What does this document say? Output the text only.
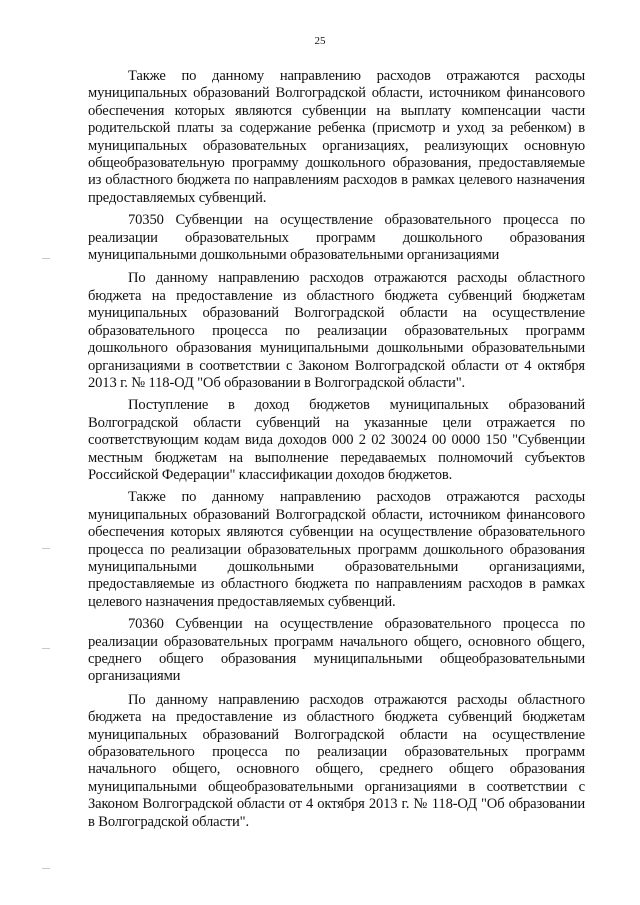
25

Также по данному направлению расходов отражаются расходы муниципальных образований Волгоградской области, источником финансового обеспечения которых являются субвенции на выплату компенсации части родительской платы за содержание ребенка (присмотр и уход за ребенком) в муниципальных образовательных организациях, реализующих основную общеобразовательную программу дошкольного образования, предоставляемые из областного бюджета по направлениям расходов в рамках целевого назначения предоставляемых субвенций.

70350 Субвенции на осуществление образовательного процесса по реализации образовательных программ дошкольного образования муниципальными дошкольными образовательными организациями

По данному направлению расходов отражаются расходы областного бюджета на предоставление из областного бюджета субвенций бюджетам муниципальных образований Волгоградской области на осуществление образовательного процесса по реализации образовательных программ дошкольного образования муниципальными дошкольными образовательными организациями в соответствии с Законом Волгоградской области от 4 октября 2013 г. № 118-ОД "Об образовании в Волгоградской области".

Поступление в доход бюджетов муниципальных образований Волгоградской области субвенций на указанные цели отражается по соответствующим кодам вида доходов 000 2 02 30024 00 0000 150 "Субвенции местным бюджетам на выполнение передаваемых полномочий субъектов Российской Федерации" классификации доходов бюджетов.

Также по данному направлению расходов отражаются расходы муниципальных образований Волгоградской области, источником финансового обеспечения которых являются субвенции на осуществление образовательного процесса по реализации образовательных программ дошкольного образования муниципальными дошкольными образовательными организациями, предоставляемые из областного бюджета по направлениям расходов в рамках целевого назначения предоставляемых субвенций.

70360 Субвенции на осуществление образовательного процесса по реализации образовательных программ начального общего, основного общего, среднего общего образования муниципальными общеобразовательными организациями

По данному направлению расходов отражаются расходы областного бюджета на предоставление из областного бюджета субвенций бюджетам муниципальных образований Волгоградской области на осуществление образовательного процесса по реализации образовательных программ начального общего, основного общего, среднего общего образования муниципальными общеобразовательными организациями в соответствии с Законом Волгоградской области от 4 октября 2013 г. № 118-ОД "Об образовании в Волгоградской области".
